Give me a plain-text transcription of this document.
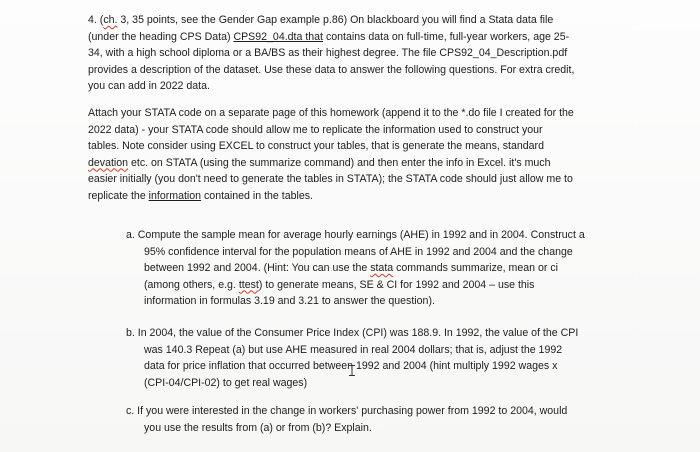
4. (ch. 3, 35 points, see the Gender Gap example p.86) On blackboard you will find a Stata data file
(under the heading CPS Data) CPS92_04.dta that contains data on full-time, full-year workers, age 25-
34, with a high school diploma or a BA/BS as their highest degree. The file CPS92_04_Description.pdf
provides a description of the dataset. Use these data to answer the following questions. For extra credit,
you can add in 2022 data.

Attach your STATA code on a separate page of this homework (append it to the *.do file I created for the
2022 data) - your STATA code should allow me to replicate the information used to construct your
tables. Note consider using EXCEL to construct your tables, that is generate the means, standard
devation etc. on STATA (using the summarize command) and then enter the info in Excel. it's much
easier initially (you don't need to generate the tables in STATA); the STATA code should just allow me to
replicate the information contained in the tables.

a. Compute the sample mean for average hourly earnings (AHE) in 1992 and in 2004. Construct a
95% confidence interval for the population means of AHE in 1992 and 2004 and the change
between 1992 and 2004. (Hint: You can use the stata commands summarize, mean or ci
(among others, e.g. ttest) to generate means, SE & CI for 1992 and 2004 – use this
information in formulas 3.19 and 3.21 to answer the question).

b. In 2004, the value of the Consumer Price Index (CPI) was 188.9. In 1992, the value of the CPI
was 140.3 Repeat (a) but use AHE measured in real 2004 dollars; that is, adjust the 1992
data for price inflation that occurred between 1992 and 2004 (hint multiply 1992 wages x
(CPI-04/CPI-02) to get real wages)

c. If you were interested in the change in workers' purchasing power from 1992 to 2004, would
you use the results from (a) or from (b)? Explain.
